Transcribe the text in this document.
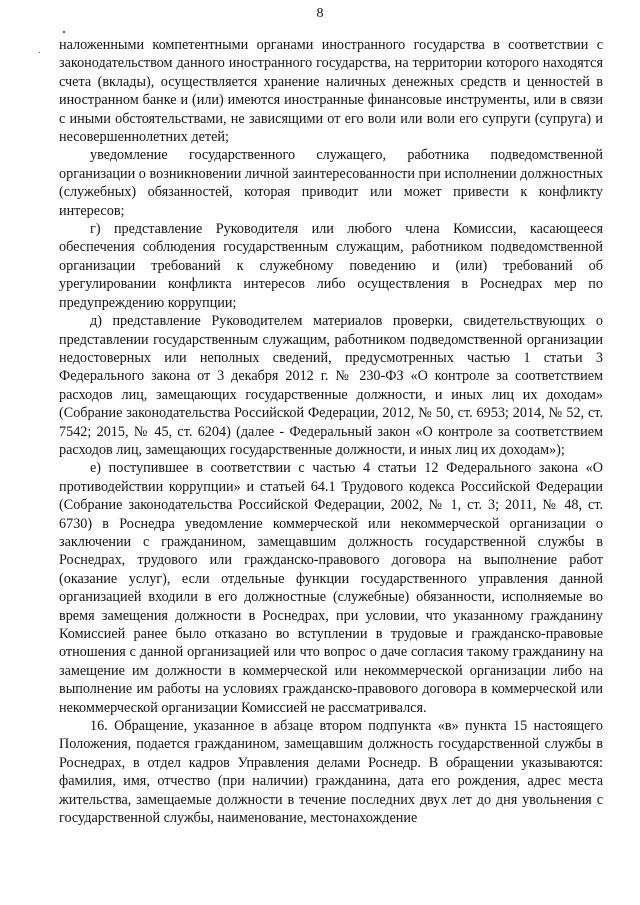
8

наложенными компетентными органами иностранного государства в соответствии с законодательством данного иностранного государства, на территории которого находятся счета (вклады), осуществляется хранение наличных денежных средств и ценностей в иностранном банке и (или) имеются иностранные финансовые инструменты, или в связи с иными обстоятельствами, не зависящими от его воли или воли его супруги (супруга) и несовершеннолетних детей;

уведомление государственного служащего, работника подведомственной организации о возникновении личной заинтересованности при исполнении должностных (служебных) обязанностей, которая приводит или может привести к конфликту интересов;

г) представление Руководителя или любого члена Комиссии, касающееся обеспечения соблюдения государственным служащим, работником подведомственной организации требований к служебному поведению и (или) требований об урегулировании конфликта интересов либо осуществления в Роснедрах мер по предупреждению коррупции;

д) представление Руководителем материалов проверки, свидетельствующих о представлении государственным служащим, работником подведомственной организации недостоверных или неполных сведений, предусмотренных частью 1 статьи 3 Федерального закона от 3 декабря 2012 г. № 230-ФЗ «О контроле за соответствием расходов лиц, замещающих государственные должности, и иных лиц их доходам» (Собрание законодательства Российской Федерации, 2012, № 50, ст. 6953; 2014, № 52, ст. 7542; 2015, № 45, ст. 6204) (далее - Федеральный закон «О контроле за соответствием расходов лиц, замещающих государственные должности, и иных лиц их доходам»);

е) поступившее в соответствии с частью 4 статьи 12 Федерального закона «О противодействии коррупции» и статьей 64.1 Трудового кодекса Российской Федерации (Собрание законодательства Российской Федерации, 2002, № 1, ст. 3; 2011, № 48, ст. 6730) в Роснедра уведомление коммерческой или некоммерческой организации о заключении с гражданином, замещавшим должность государственной службы в Роснедрах, трудового или гражданско-правового договора на выполнение работ (оказание услуг), если отдельные функции государственного управления данной организацией входили в его должностные (служебные) обязанности, исполняемые во время замещения должности в Роснедрах, при условии, что указанному гражданину Комиссией ранее было отказано во вступлении в трудовые и гражданско-правовые отношения с данной организацией или что вопрос о даче согласия такому гражданину на замещение им должности в коммерческой или некоммерческой организации либо на выполнение им работы на условиях гражданско-правового договора в коммерческой или некоммерческой организации Комиссией не рассматривался.

16. Обращение, указанное в абзаце втором подпункта «в» пункта 15 настоящего Положения, подается гражданином, замещавшим должность государственной службы в Роснедрах, в отдел кадров Управления делами Роснедр. В обращении указываются: фамилия, имя, отчество (при наличии) гражданина, дата его рождения, адрес места жительства, замещаемые должности в течение последних двух лет до дня увольнения с государственной службы, наименование, местонахождение
